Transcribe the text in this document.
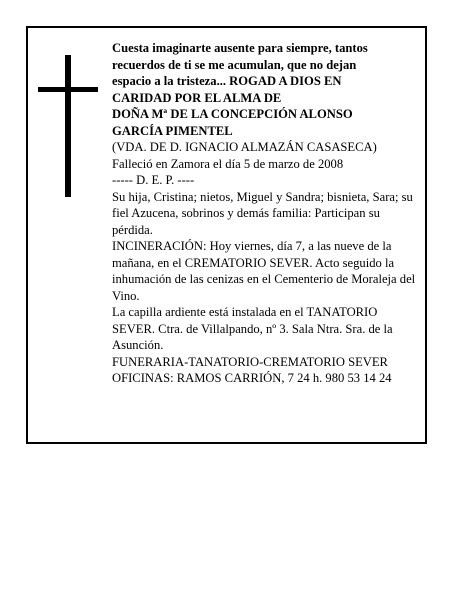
Cuesta imaginarte ausente para siempre, tantos

recuerdos de ti se me acumulan, que no dejan

espacio a la tristeza... ROGAD A DIOS EN

CARIDAD POR EL ALMA DE

DOÑA Mª DE LA CONCEPCIÓN ALONSO

GARCÍA PIMENTEL

(VDA. DE D. IGNACIO ALMAZÁN CASASECA)

Falleció en Zamora el día 5 de marzo de 2008

----- D. E. P. ----

Su hija, Cristina; nietos, Miguel y Sandra; bisnieta, Sara; su fiel Azucena, sobrinos y demás familia: Participan su pérdida.

INCINERACIÓN: Hoy viernes, día 7, a las nueve de la mañana, en el CREMATORIO SEVER. Acto seguido la inhumación de las cenizas en el Cementerio de Moraleja del Vino.

La capilla ardiente está instalada en el TANATORIO SEVER. Ctra. de Villalpando, nº 3. Sala Ntra. Sra. de la Asunción.

FUNERARIA-TANATORIO-CREMATORIO SEVER

OFICINAS: RAMOS CARRIÓN, 7 24 h. 980 53 14 24
